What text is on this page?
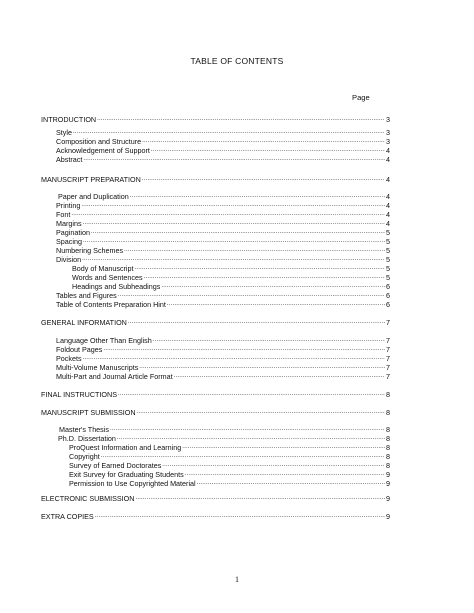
TABLE OF CONTENTS
Page
INTRODUCTION .....	3
Style .....	3
Composition and Structure .....	3
Acknowledgement of Support .....	4
Abstract .....	4
MANUSCRIPT PREPARATION .....	4
Paper and Duplication .....	4
Printing .....	4
Font .....	4
Margins .....	4
Pagination .....	5
Spacing .....	5
Numbering Schemes .....	5
Division .....	5
Body of Manuscript .....	5
Words and Sentences .....	5
Headings and Subheadings .....	6
Tables and Figures .....	6
Table of Contents Preparation Hint .....	6
GENERAL INFORMATION .....	7
Language Other Than English .....	7
Foldout Pages .....	7
Pockets .....	7
Multi-Volume Manuscripts .....	7
Multi-Part and Journal Article Format .....	7
FINAL INSTRUCTIONS .....	8
MANUSCRIPT SUBMISSION .....	8
Master's Thesis .....	8
Ph.D. Dissertation .....	8
ProQuest Information and Learning .....	8
Copyright .....	8
Survey of Earned Doctorates .....	8
Exit Survey for Graduating Students .....	9
Permission to Use Copyrighted Material .....	9
ELECTRONIC SUBMISSION .....	9
EXTRA COPIES .....	9
1
